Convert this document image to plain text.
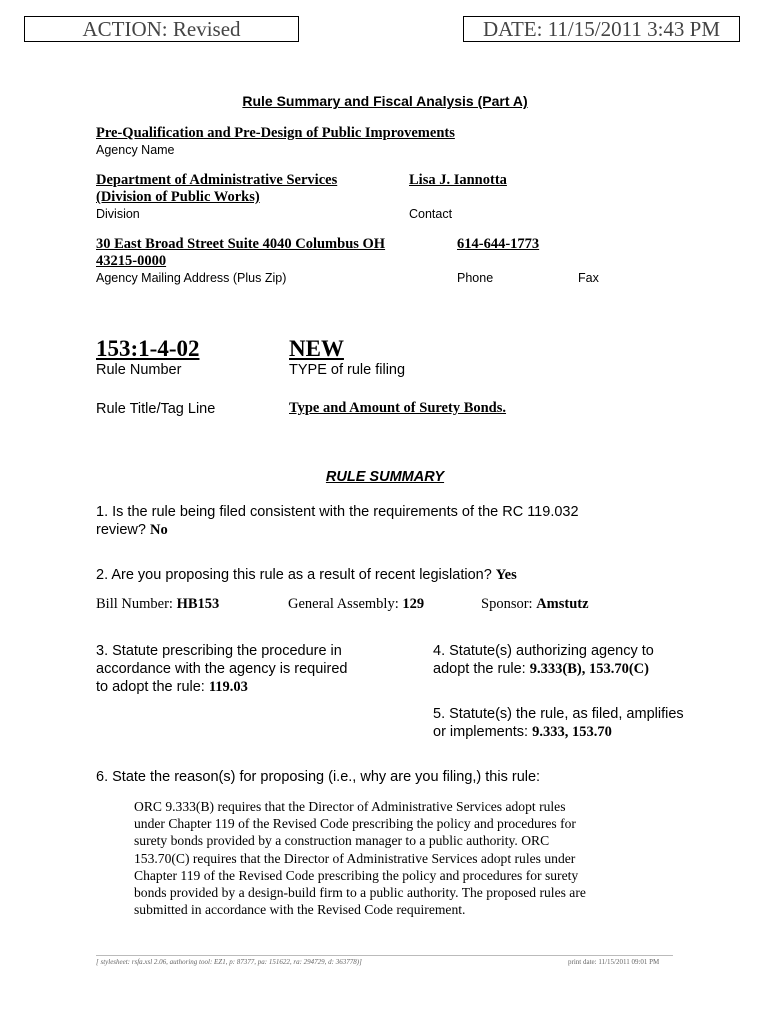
ACTION: Revised	DATE: 11/15/2011 3:43 PM
Rule Summary and Fiscal Analysis (Part A)
Pre-Qualification and Pre-Design of Public Improvements
Agency Name
Department of Administrative Services
(Division of Public Works)
Division
Lisa J. Iannotta
Contact
30 East Broad Street Suite 4040 Columbus OH
43215-0000
Agency Mailing Address (Plus Zip)
614-644-1773
Phone	Fax
153:1-4-02
Rule Number
NEW
TYPE of rule filing
Rule Title/Tag Line	Type and Amount of Surety Bonds.
RULE SUMMARY
1. Is the rule being filed consistent with the requirements of the RC 119.032
review? No
2. Are you proposing this rule as a result of recent legislation? Yes
Bill Number: HB153	General Assembly: 129	Sponsor: Amstutz
3. Statute prescribing the procedure in
accordance with the agency is required
to adopt the rule: 119.03
4. Statute(s) authorizing agency to
adopt the rule: 9.333(B), 153.70(C)
5. Statute(s) the rule, as filed, amplifies
or implements: 9.333, 153.70
6. State the reason(s) for proposing (i.e., why are you filing,) this rule:
ORC 9.333(B) requires that the Director of Administrative Services adopt rules
under Chapter 119 of the Revised Code prescribing the policy and procedures for
surety bonds provided by a construction manager to a public authority. ORC
153.70(C) requires that the Director of Administrative Services adopt rules under
Chapter 119 of the Revised Code prescribing the policy and procedures for surety
bonds provided by a design-build firm to a public authority. The proposed rules are
submitted in accordance with the Revised Code requirement.
[ stylesheet: rsfa.xsl 2.06, authoring tool: EZ1, p: 87377, pa: 151622, ra: 294729, d: 363778)]	print date: 11/15/2011 09:01 PM
